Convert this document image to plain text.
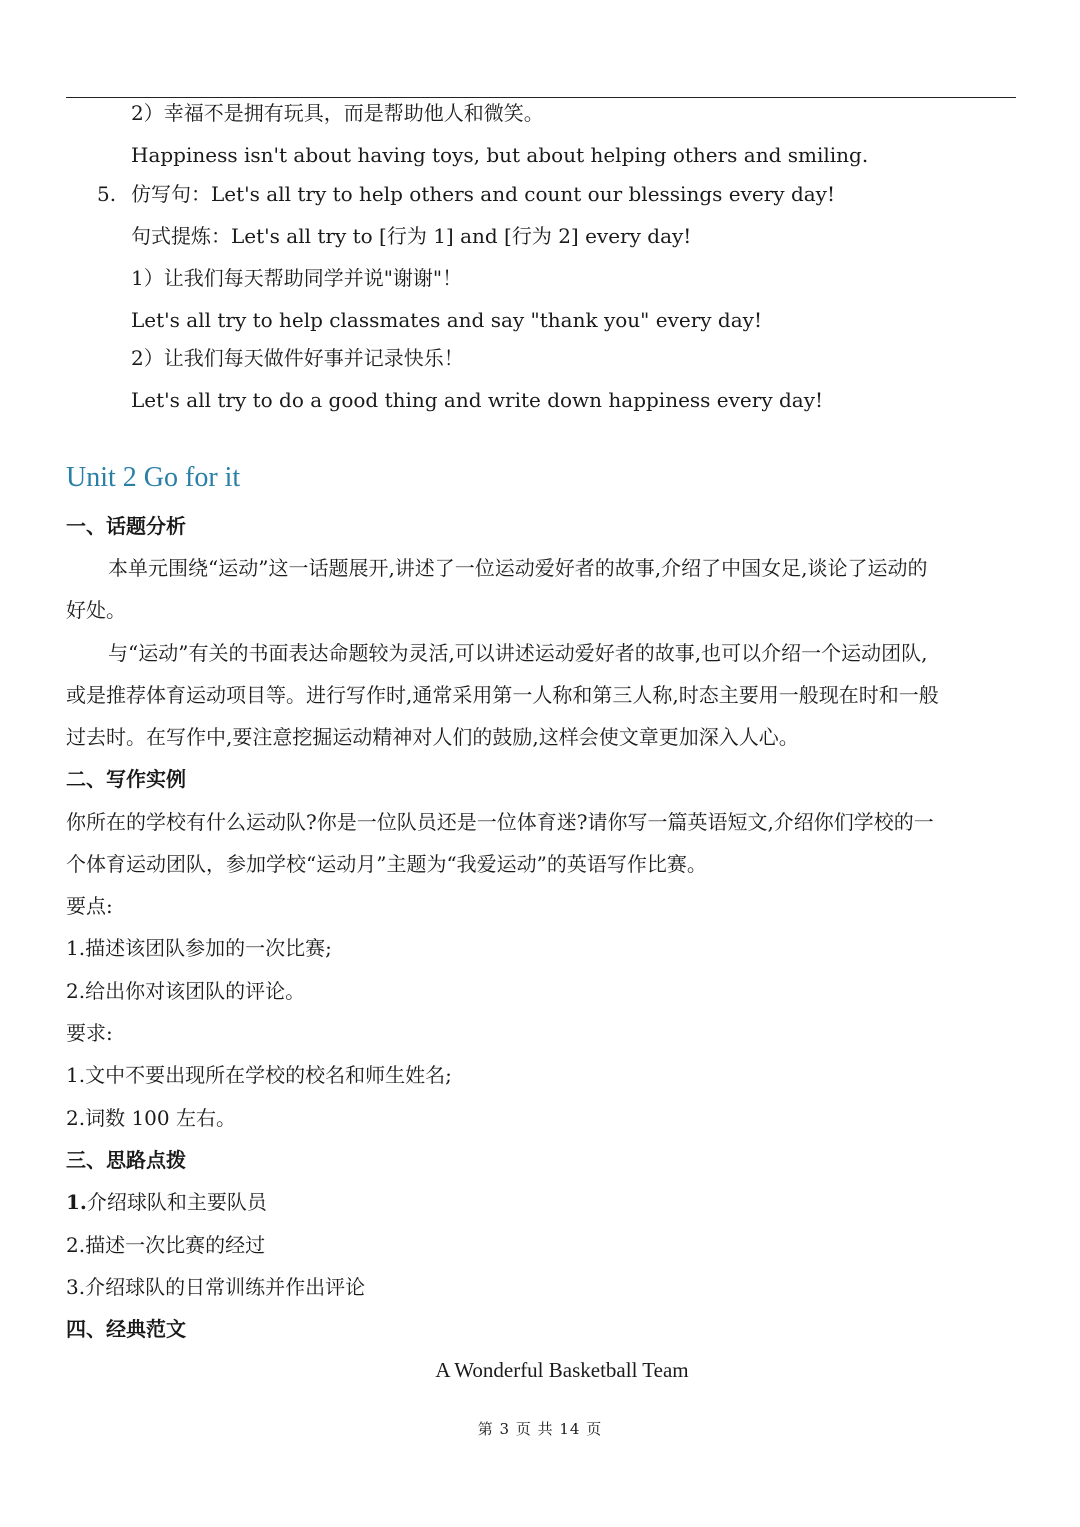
2）幸福不是拥有玩具，而是帮助他人和微笑。
Happiness isn't about having toys, but about helping others and smiling.
5. 仿写句：Let's all try to help others and count our blessings every day!
句式提炼：Let's all try to [行为 1] and [行为 2] every day!
1）让我们每天帮助同学并说"谢谢"！
Let's all try to help classmates and say "thank you" every day!
2）让我们每天做件好事并记录快乐！
Let's all try to do a good thing and write down happiness every day!
Unit 2 Go for it
一、话题分析
本单元围绕“运动”这一话题展开,讲述了一位运动爱好者的故事,介绍了中国女足,谈论了运动的
好处。
与“运动”有关的书面表达命题较为灵活,可以讲述运动爱好者的故事,也可以介绍一个运动团队,
或是推荐体育运动项目等。进行写作时,通常采用第一人称和第三人称,时态主要用一般现在时和一般
过去时。在写作中,要注意挖掘运动精神对人们的鼓励,这样会使文章更加深入人心。
二、写作实例
你所在的学校有什么运动队?你是一位队员还是一位体育迷?请你写一篇英语短文,介绍你们学校的一
个体育运动团队，参加学校“运动月”主题为“我爱运动”的英语写作比赛。
要点:
1.描述该团队参加的一次比赛;
2.给出你对该团队的评论。
要求:
1.文中不要出现所在学校的校名和师生姓名;
2.词数 100 左右。
三、思路点拨
1.介绍球队和主要队员
2.描述一次比赛的经过
3.介绍球队的日常训练并作出评论
四、经典范文
A Wonderful Basketball Team
第 3 页 共 14 页
